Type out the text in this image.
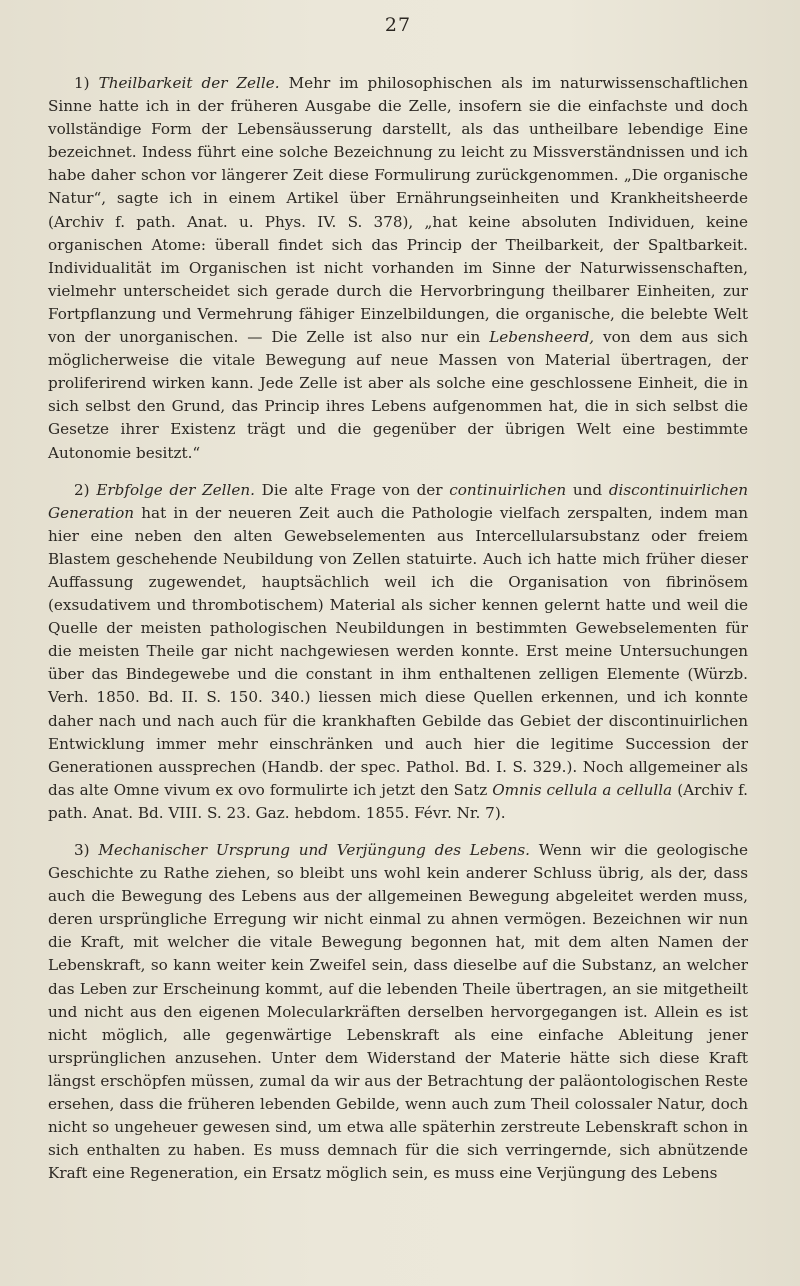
27

1) Theilbarkeit der Zelle. Mehr im philosophischen als im naturwissenschaftlichen Sinne hatte ich in der früheren Ausgabe die Zelle, insofern sie die einfachste und doch vollständige Form der Lebensäusserung darstellt, als das untheilbare lebendige Eine bezeichnet. Indess führt eine solche Bezeichnung zu leicht zu Missverständnissen und ich habe daher schon vor längerer Zeit diese Formulirung zurückgenommen. „Die organische Natur“, sagte ich in einem Artikel über Ernährungseinheiten und Krankheitsheerde (Archiv f. path. Anat. u. Phys. IV. S. 378), „hat keine absoluten Individuen, keine organischen Atome: überall findet sich das Princip der Theilbarkeit, der Spaltbarkeit. Individualität im Organischen ist nicht vorhanden im Sinne der Naturwissenschaften, vielmehr unterscheidet sich gerade durch die Hervorbringung theilbarer Einheiten, zur Fortpflanzung und Vermehrung fähiger Einzelbildungen, die organische, die belebte Welt von der unorganischen. — Die Zelle ist also nur ein Lebensheerd, von dem aus sich möglicherweise die vitale Bewegung auf neue Massen von Material übertragen, der proliferirend wirken kann. Jede Zelle ist aber als solche eine geschlossene Einheit, die in sich selbst den Grund, das Princip ihres Lebens aufgenommen hat, die in sich selbst die Gesetze ihrer Existenz trägt und die gegenüber der übrigen Welt eine bestimmte Autonomie besitzt.“

2) Erbfolge der Zellen. Die alte Frage von der continuirlichen und discontinuirlichen Generation hat in der neueren Zeit auch die Pathologie vielfach zerspalten, indem man hier eine neben den alten Gewebselementen aus Intercellularsubstanz oder freiem Blastem geschehende Neubildung von Zellen statuirte. Auch ich hatte mich früher dieser Auffassung zugewendet, hauptsächlich weil ich die Organisation von fibrinösem (exsudativem und thrombotischem) Material als sicher kennen gelernt hatte und weil die Quelle der meisten pathologischen Neubildungen in bestimmten Gewebselementen für die meisten Theile gar nicht nachgewiesen werden konnte. Erst meine Untersuchungen über das Bindegewebe und die constant in ihm enthaltenen zelligen Elemente (Würzb. Verh. 1850. Bd. II. S. 150. 340.) liessen mich diese Quellen erkennen, und ich konnte daher nach und nach auch für die krankhaften Gebilde das Gebiet der discontinuirlichen Entwicklung immer mehr einschränken und auch hier die legitime Succession der Generationen aussprechen (Handb. der spec. Pathol. Bd. I. S. 329.). Noch allgemeiner als das alte Omne vivum ex ovo formulirte ich jetzt den Satz Omnis cellula a cellulla (Archiv f. path. Anat. Bd. VIII. S. 23. Gaz. hebdom. 1855. Févr. Nr. 7).

3) Mechanischer Ursprung und Verjüngung des Lebens. Wenn wir die geologische Geschichte zu Rathe ziehen, so bleibt uns wohl kein anderer Schluss übrig, als der, dass auch die Bewegung des Lebens aus der allgemeinen Bewegung abgeleitet werden muss, deren ursprüngliche Erregung wir nicht einmal zu ahnen vermögen. Bezeichnen wir nun die Kraft, mit welcher die vitale Bewegung begonnen hat, mit dem alten Namen der Lebenskraft, so kann weiter kein Zweifel sein, dass dieselbe auf die Substanz, an welcher das Leben zur Erscheinung kommt, auf die lebenden Theile übertragen, an sie mitgetheilt und nicht aus den eigenen Molecularkräften derselben hervorgegangen ist. Allein es ist nicht möglich, alle gegenwärtige Lebenskraft als eine einfache Ableitung jener ursprünglichen anzusehen. Unter dem Widerstand der Materie hätte sich diese Kraft längst erschöpfen müssen, zumal da wir aus der Betrachtung der paläontologischen Reste ersehen, dass die früheren lebenden Gebilde, wenn auch zum Theil colossaler Natur, doch nicht so ungeheuer gewesen sind, um etwa alle späterhin zerstreute Lebenskraft schon in sich enthalten zu haben. Es muss demnach für die sich verringernde, sich abnützende Kraft eine Regeneration, ein Ersatz möglich sein, es muss eine Verjüngung des Lebens
